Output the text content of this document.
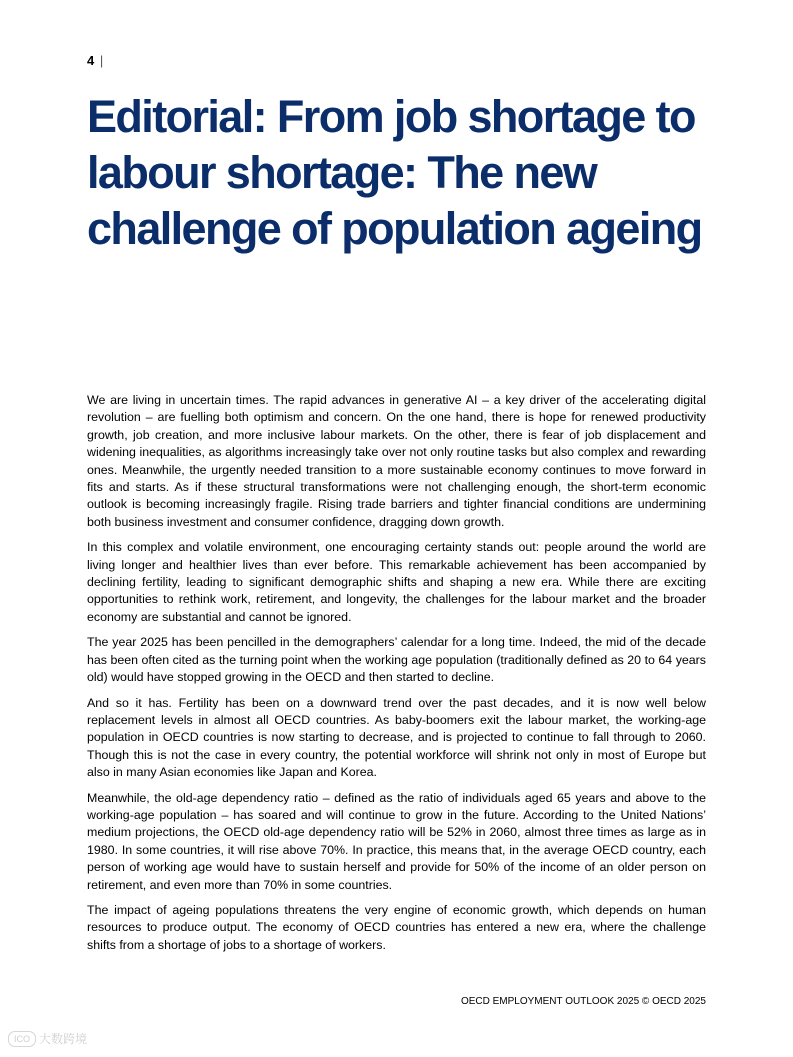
4 |
Editorial: From job shortage to labour shortage: The new challenge of population ageing

We are living in uncertain times. The rapid advances in generative AI – a key driver of the accelerating digital revolution – are fuelling both optimism and concern. On the one hand, there is hope for renewed productivity growth, job creation, and more inclusive labour markets. On the other, there is fear of job displacement and widening inequalities, as algorithms increasingly take over not only routine tasks but also complex and rewarding ones. Meanwhile, the urgently needed transition to a more sustainable economy continues to move forward in fits and starts. As if these structural transformations were not challenging enough, the short-term economic outlook is becoming increasingly fragile. Rising trade barriers and tighter financial conditions are undermining both business investment and consumer confidence, dragging down growth.

In this complex and volatile environment, one encouraging certainty stands out: people around the world are living longer and healthier lives than ever before. This remarkable achievement has been accompanied by declining fertility, leading to significant demographic shifts and shaping a new era. While there are exciting opportunities to rethink work, retirement, and longevity, the challenges for the labour market and the broader economy are substantial and cannot be ignored.

The year 2025 has been pencilled in the demographers’ calendar for a long time. Indeed, the mid of the decade has been often cited as the turning point when the working age population (traditionally defined as 20 to 64 years old) would have stopped growing in the OECD and then started to decline.

And so it has. Fertility has been on a downward trend over the past decades, and it is now well below replacement levels in almost all OECD countries. As baby-boomers exit the labour market, the working-age population in OECD countries is now starting to decrease, and is projected to continue to fall through to 2060. Though this is not the case in every country, the potential workforce will shrink not only in most of Europe but also in many Asian economies like Japan and Korea.

Meanwhile, the old-age dependency ratio – defined as the ratio of individuals aged 65 years and above to the working-age population – has soared and will continue to grow in the future. According to the United Nations’ medium projections, the OECD old-age dependency ratio will be 52% in 2060, almost three times as large as in 1980. In some countries, it will rise above 70%. In practice, this means that, in the average OECD country, each person of working age would have to sustain herself and provide for 50% of the income of an older person on retirement, and even more than 70% in some countries.

The impact of ageing populations threatens the very engine of economic growth, which depends on human resources to produce output. The economy of OECD countries has entered a new era, where the challenge shifts from a shortage of jobs to a shortage of workers.

OECD EMPLOYMENT OUTLOOK 2025 © OECD 2025
ICO 大数跨境
